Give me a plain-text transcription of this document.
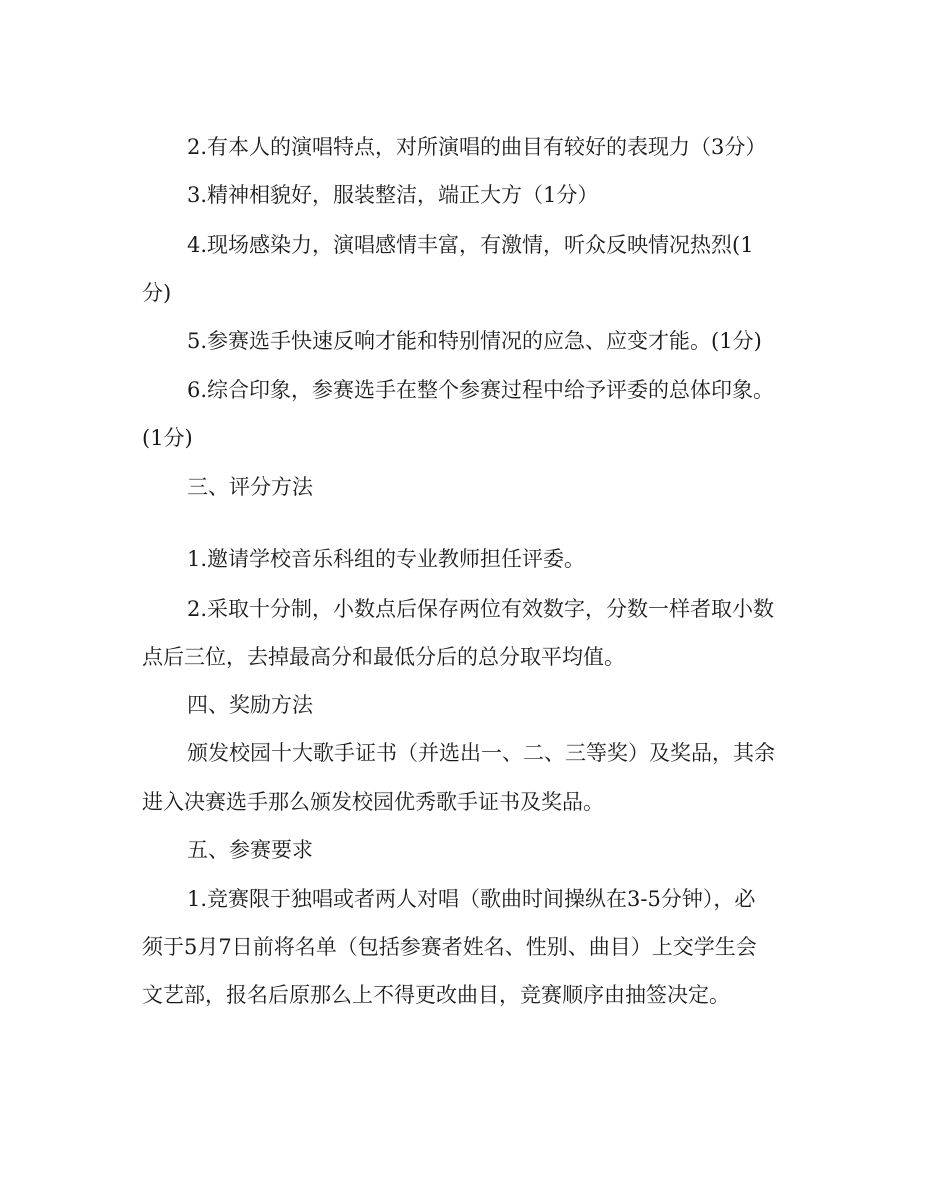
2.有本人的演唱特点，对所演唱的曲目有较好的表现力（3分）
3.精神相貌好，服装整洁，端正大方（1分）
4.现场感染力，演唱感情丰富，有激情，听众反映情况热烈(1
分)
5.参赛选手快速反响才能和特别情况的应急、应变才能。(1分)
6.综合印象，参赛选手在整个参赛过程中给予评委的总体印象。
(1分)
三、评分方法
1.邀请学校音乐科组的专业教师担任评委。
2.采取十分制，小数点后保存两位有效数字，分数一样者取小数
点后三位，去掉最高分和最低分后的总分取平均值。
四、奖励方法
颁发校园十大歌手证书（并选出一、二、三等奖）及奖品，其余
进入决赛选手那么颁发校园优秀歌手证书及奖品。
五、参赛要求
1.竞赛限于独唱或者两人对唱（歌曲时间操纵在3-5分钟），必
须于5月7日前将名单（包括参赛者姓名、性别、曲目）上交学生会
文艺部，报名后原那么上不得更改曲目，竞赛顺序由抽签决定。
